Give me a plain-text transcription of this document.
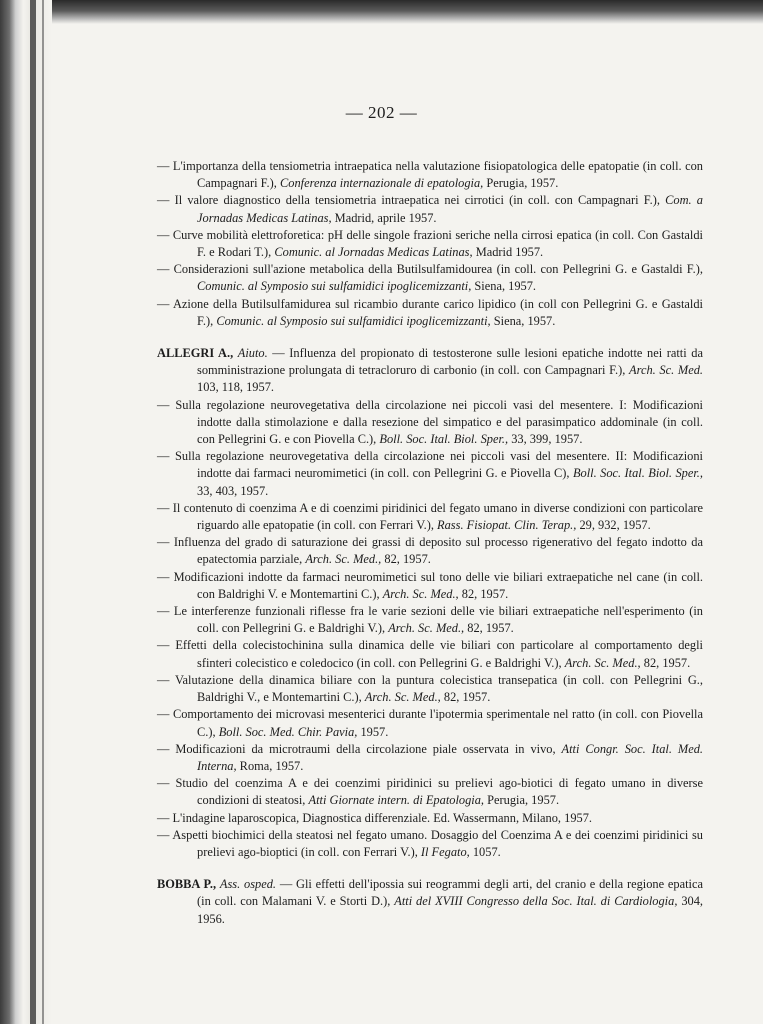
— 202 —
— L'importanza della tensiometria intraepatica nella valutazione fisiopatologica delle epatopatie (in coll. con Campagnari F.), Conferenza internazionale di epatologia, Perugia, 1957.
— Il valore diagnostico della tensiometria intraepatica nei cirrotici (in coll. con Campagnari F.), Com. a Jornadas Medicas Latinas, Madrid, aprile 1957.
— Curve mobilità elettroforetica: pH delle singole frazioni seriche nella cirrosi epatica (in coll. Con Gastaldi F. e Rodari T.), Comunic. al Jornadas Medicas Latinas, Madrid 1957.
— Considerazioni sull'azione metabolica della Butilsulfamidourea (in coll. con Pellegrini G. e Gastaldi F.), Comunic. al Symposio sui sulfamidici ipoglicemizzanti, Siena, 1957.
— Azione della Butilsulfamidurea sul ricambio durante carico lipidico (in coll con Pellegrini G. e Gastaldi F.), Comunic. al Symposio sui sulfamidici ipoglicemizzanti, Siena, 1957.
ALLEGRI A., Aiuto. — Influenza del propionato di testosterone sulle lesioni epatiche indotte nei ratti da somministrazione prolungata di tetracloruro di carbonio (in coll. con Campagnari F.), Arch. Sc. Med. 103, 118, 1957.
— Sulla regolazione neurovegetativa della circolazione nei piccoli vasi del mesentere. I: Modificazioni indotte dalla stimolazione e dalla resezione del simpatico e del parasimpatico addominale (in coll. con Pellegrini G. e con Piovella C.), Boll. Soc. Ital. Biol. Sper., 33, 399, 1957.
— Sulla regolazione neurovegetativa della circolazione nei piccoli vasi del mesentere. II: Modificazioni indotte dai farmaci neuromimetici (in coll. con Pellegrini G. e Piovella C), Boll. Soc. Ital. Biol. Sper., 33, 403, 1957.
— Il contenuto di coenzima A e di coenzimi piridinici del fegato umano in diverse condizioni con particolare riguardo alle epatopatie (in coll. con Ferrari V.), Rass. Fisiopat. Clin. Terap., 29, 932, 1957.
— Influenza del grado di saturazione dei grassi di deposito sul processo rigenerativo del fegato indotto da epatectomia parziale, Arch. Sc. Med., 82, 1957.
— Modificazioni indotte da farmaci neuromimetici sul tono delle vie biliari extraepatiche nel cane (in coll. con Baldrighi V. e Montemartini C.), Arch. Sc. Med., 82, 1957.
— Le interferenze funzionali riflesse fra le varie sezioni delle vie biliari extraepatiche nell'esperimento (in coll. con Pellegrini G. e Baldrighi V.), Arch. Sc. Med., 82, 1957.
— Effetti della colecistochinina sulla dinamica delle vie biliari con particolare al comportamento degli sfinteri colecistico e coledocico (in coll. con Pellegrini G. e Baldrighi V.), Arch. Sc. Med., 82, 1957.
— Valutazione della dinamica biliare con la puntura colecistica transepatica (in coll. con Pellegrini G., Baldrighi V., e Montemartini C.), Arch. Sc. Med., 82, 1957.
— Comportamento dei microvasi mesenterici durante l'ipotermia sperimentale nel ratto (in coll. con Piovella C.), Boll. Soc. Med. Chir. Pavia, 1957.
— Modificazioni da microtraumi della circolazione piale osservata in vivo, Atti Congr. Soc. Ital. Med. Interna, Roma, 1957.
— Studio del coenzima A e dei coenzimi piridinici su prelievi ago-biotici di fegato umano in diverse condizioni di steatosi, Atti Giornate intern. di Epatologia, Perugia, 1957.
— L'indagine laparoscopica, Diagnostica differenziale. Ed. Wassermann, Milano, 1957.
— Aspetti biochimici della steatosi nel fegato umano. Dosaggio del Coenzima A e dei coenzimi piridinici su prelievi ago-bioptici (in coll. con Ferrari V.), Il Fegato, 1057.
BOBBA P., Ass. osped. — Gli effetti dell'ipossia sui reogrammi degli arti, del cranio e della regione epatica (in coll. con Malamani V. e Storti D.), Atti del XVIII Congresso della Soc. Ital. di Cardiologia, 304, 1956.
